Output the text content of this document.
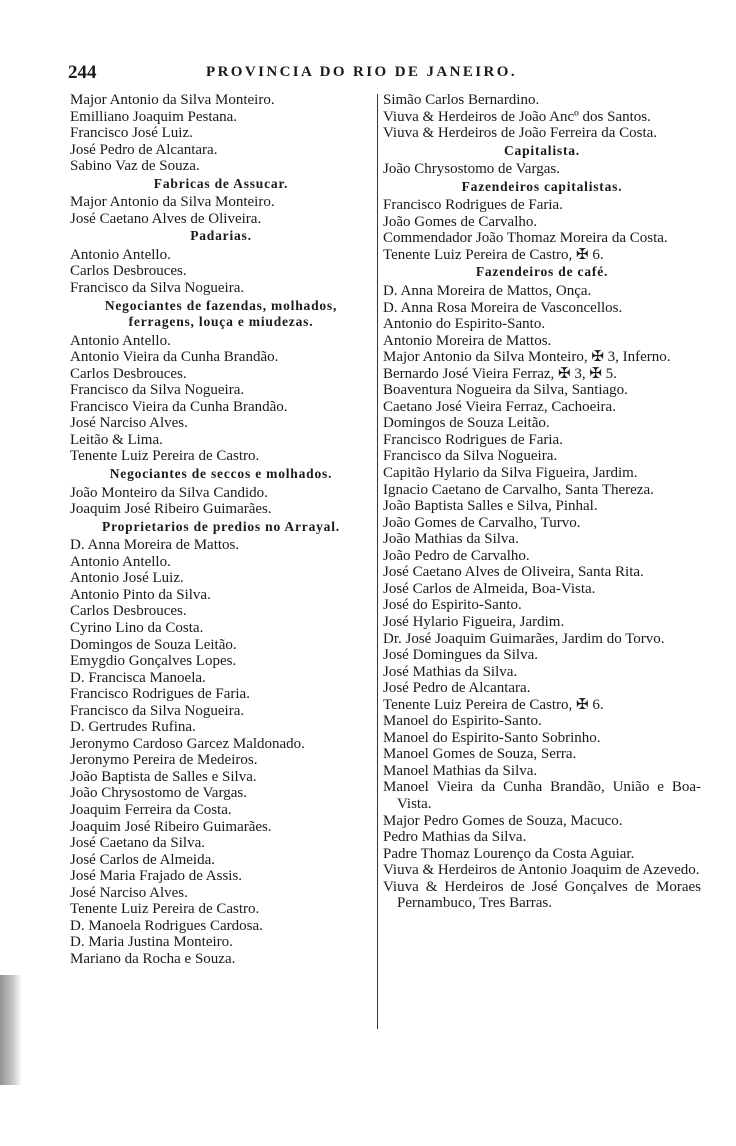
244	PROVINCIA DO RIO DE JANEIRO.
Major Antonio da Silva Monteiro.
Emilliano Joaquim Pestana.
Francisco José Luiz.
José Pedro de Alcantara.
Sabino Vaz de Souza.
Fabricas de Assucar.
Major Antonio da Silva Monteiro.
José Caetano Alves de Oliveira.
Padarias.
Antonio Antello.
Carlos Desbrouces.
Francisco da Silva Nogueira.
Negociantes de fazendas, molhados, ferragens, louça e miudezas.
Antonio Antello.
Antonio Vieira da Cunha Brandão.
Carlos Desbrouces.
Francisco da Silva Nogueira.
Francisco Vieira da Cunha Brandão.
José Narciso Alves.
Leitão & Lima.
Tenente Luiz Pereira de Castro.
Negociantes de seccos e molhados.
João Monteiro da Silva Candido.
Joaquim José Ribeiro Guimarães.
Proprietarios de predios no Arrayal.
D. Anna Moreira de Mattos.
Antonio Antello.
Antonio José Luiz.
Antonio Pinto da Silva.
Carlos Desbrouces.
Cyrino Lino da Costa.
Domingos de Souza Leitão.
Emygdio Gonçalves Lopes.
D. Francisca Manoela.
Francisco Rodrigues de Faria.
Francisco da Silva Nogueira.
D. Gertrudes Rufina.
Jeronymo Cardoso Garcez Maldonado.
Jeronymo Pereira de Medeiros.
João Baptista de Salles e Silva.
João Chrysostomo de Vargas.
Joaquim Ferreira da Costa.
Joaquim José Ribeiro Guimarães.
José Caetano da Silva.
José Carlos de Almeida.
José Maria Frajado de Assis.
José Narciso Alves.
Tenente Luiz Pereira de Castro.
D. Manoela Rodrigues Cardosa.
D. Maria Justina Monteiro.
Mariano da Rocha e Souza.
Simão Carlos Bernardino.
Viuva & Herdeiros de João Ancº dos Santos.
Viuva & Herdeiros de João Ferreira da Costa.
Capitalista.
João Chrysostomo de Vargas.
Fazendeiros capitalistas.
Francisco Rodrigues de Faria.
João Gomes de Carvalho.
Commendador João Thomaz Moreira da Costa.
Tenente Luiz Pereira de Castro, ✠ 6.
Fazendeiros de café.
D. Anna Moreira de Mattos, Onça.
D. Anna Rosa Moreira de Vasconcellos.
Antonio do Espirito-Santo.
Antonio Moreira de Mattos.
Major Antonio da Silva Monteiro, ✠ 3, Inferno.
Bernardo José Vieira Ferraz, ✠ 3, ✠ 5.
Boaventura Nogueira da Silva, Santiago.
Caetano José Vieira Ferraz, Cachoeira.
Domingos de Souza Leitão.
Francisco Rodrigues de Faria.
Francisco da Silva Nogueira.
Capitão Hylario da Silva Figueira, Jardim.
Ignacio Caetano de Carvalho, Santa Thereza.
João Baptista Salles e Silva, Pinhal.
João Gomes de Carvalho, Turvo.
João Mathias da Silva.
João Pedro de Carvalho.
José Caetano Alves de Oliveira, Santa Rita.
José Carlos de Almeida, Boa-Vista.
José do Espirito-Santo.
José Hylario Figueira, Jardim.
Dr. José Joaquim Guimarães, Jardim do Torvo.
José Domingues da Silva.
José Mathias da Silva.
José Pedro de Alcantara.
Tenente Luiz Pereira de Castro, ✠ 6.
Manoel do Espirito-Santo.
Manoel do Espirito-Santo Sobrinho.
Manoel Gomes de Souza, Serra.
Manoel Mathias da Silva.
Manoel Vieira da Cunha Brandão, União e Boa-Vista.
Major Pedro Gomes de Souza, Macuco.
Pedro Mathias da Silva.
Padre Thomaz Lourenço da Costa Aguiar.
Viuva & Herdeiros de Antonio Joaquim de Azevedo.
Viuva & Herdeiros de José Gonçalves de Moraes Pernambuco, Tres Barras.
